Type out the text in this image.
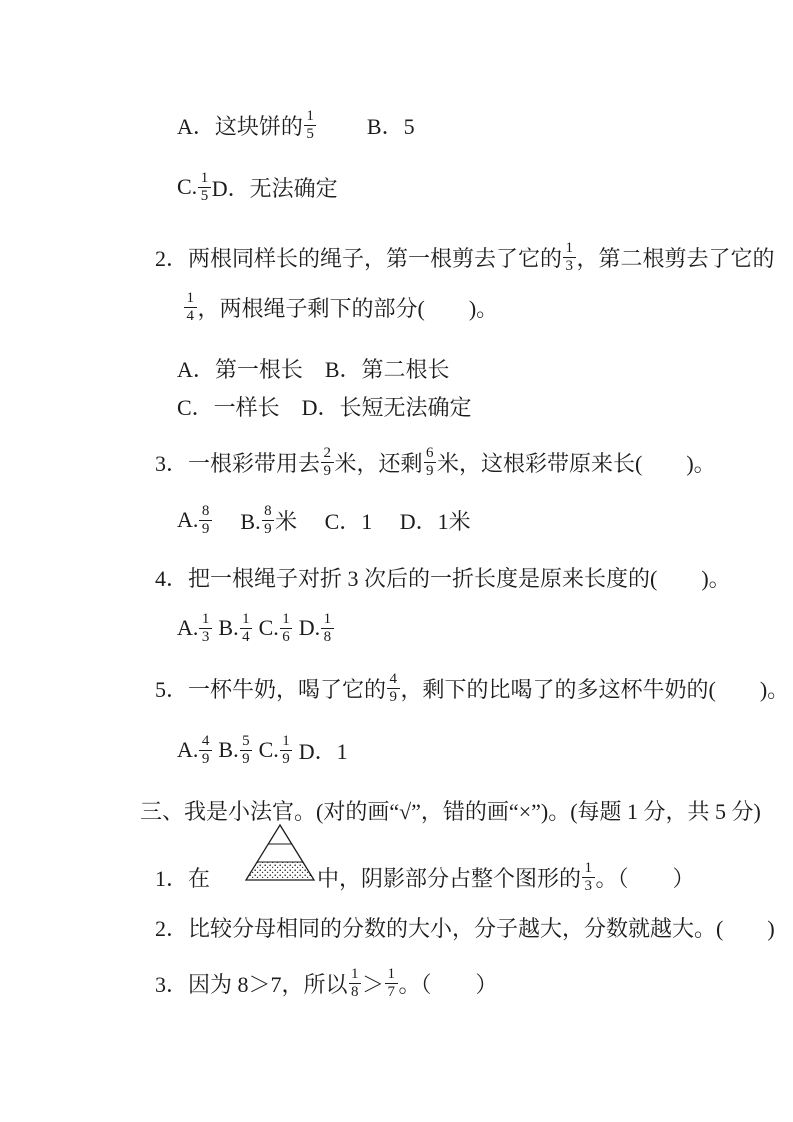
A．这块饼的 $\frac{1}{5}$ 　　 B．5
C. $\frac{1}{5}$ D．无法确定
2．两根同样长的绳子，第一根剪去了它的 $\frac{1}{3}$ ，第二根剪去了它的
$\frac{1}{4}$ ，两根绳子剩下的部分(　　)。
A．第一根长　B．第二根长
C．一样长　D．长短无法确定
3．一根彩带用去 $\frac{2}{9}$ 米，还剩 $\frac{6}{9}$ 米，这根彩带原来长(　　)。
A. $\frac{8}{9}$ 　 B. $\frac{8}{9}$ 米　 C．1　 D．1米
4．把一根绳子对折 3 次后的一折长度是原来长度的(　　)。
A. $\frac{1}{3} B$. $\frac{1}{4} C$. $\frac{1}{6} D$. $\frac{1}{8}$
5．一杯牛奶，喝了它的 $\frac{4}{9}$ ，剩下的比喝了的多这杯牛奶的(　　)。
A. $\frac{4}{9} B$. $\frac{5}{9} C$. $\frac{1}{9}$ D．1
三、我是小法官。(对的画“√”，错的画“×”)。(每题 1 分，共 5 分)
1．在

	中，阴影部分占整个图形的 $\frac{1}{3}$ 。（　　）
2．比较分母相同的分数的大小，分子越大，分数就越大。(　　)
3．因为 8＞7，所以 $\frac{1}{8} > \frac{1}{7}$ 。（　　）
